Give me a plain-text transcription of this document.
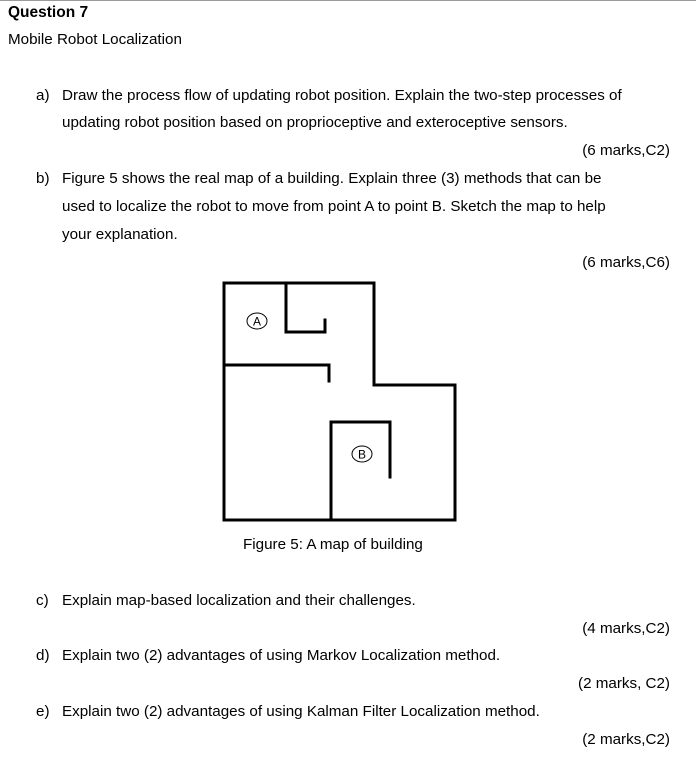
Question 7
Mobile Robot Localization
a) Draw the process flow of updating robot position. Explain the two-step processes of
updating robot position based on proprioceptive and exteroceptive sensors.
(6 marks,C2)
b) Figure 5 shows the real map of a building. Explain three (3) methods that can be
used to localize the robot to move from point A to point B. Sketch the map to help
your explanation.
(6 marks,C6)
A
B
Figure 5: A map of building
c) Explain map-based localization and their challenges.
(4 marks,C2)
d) Explain two (2) advantages of using Markov Localization method.
(2 marks, C2)
e) Explain two (2) advantages of using Kalman Filter Localization method.
(2 marks,C2)
